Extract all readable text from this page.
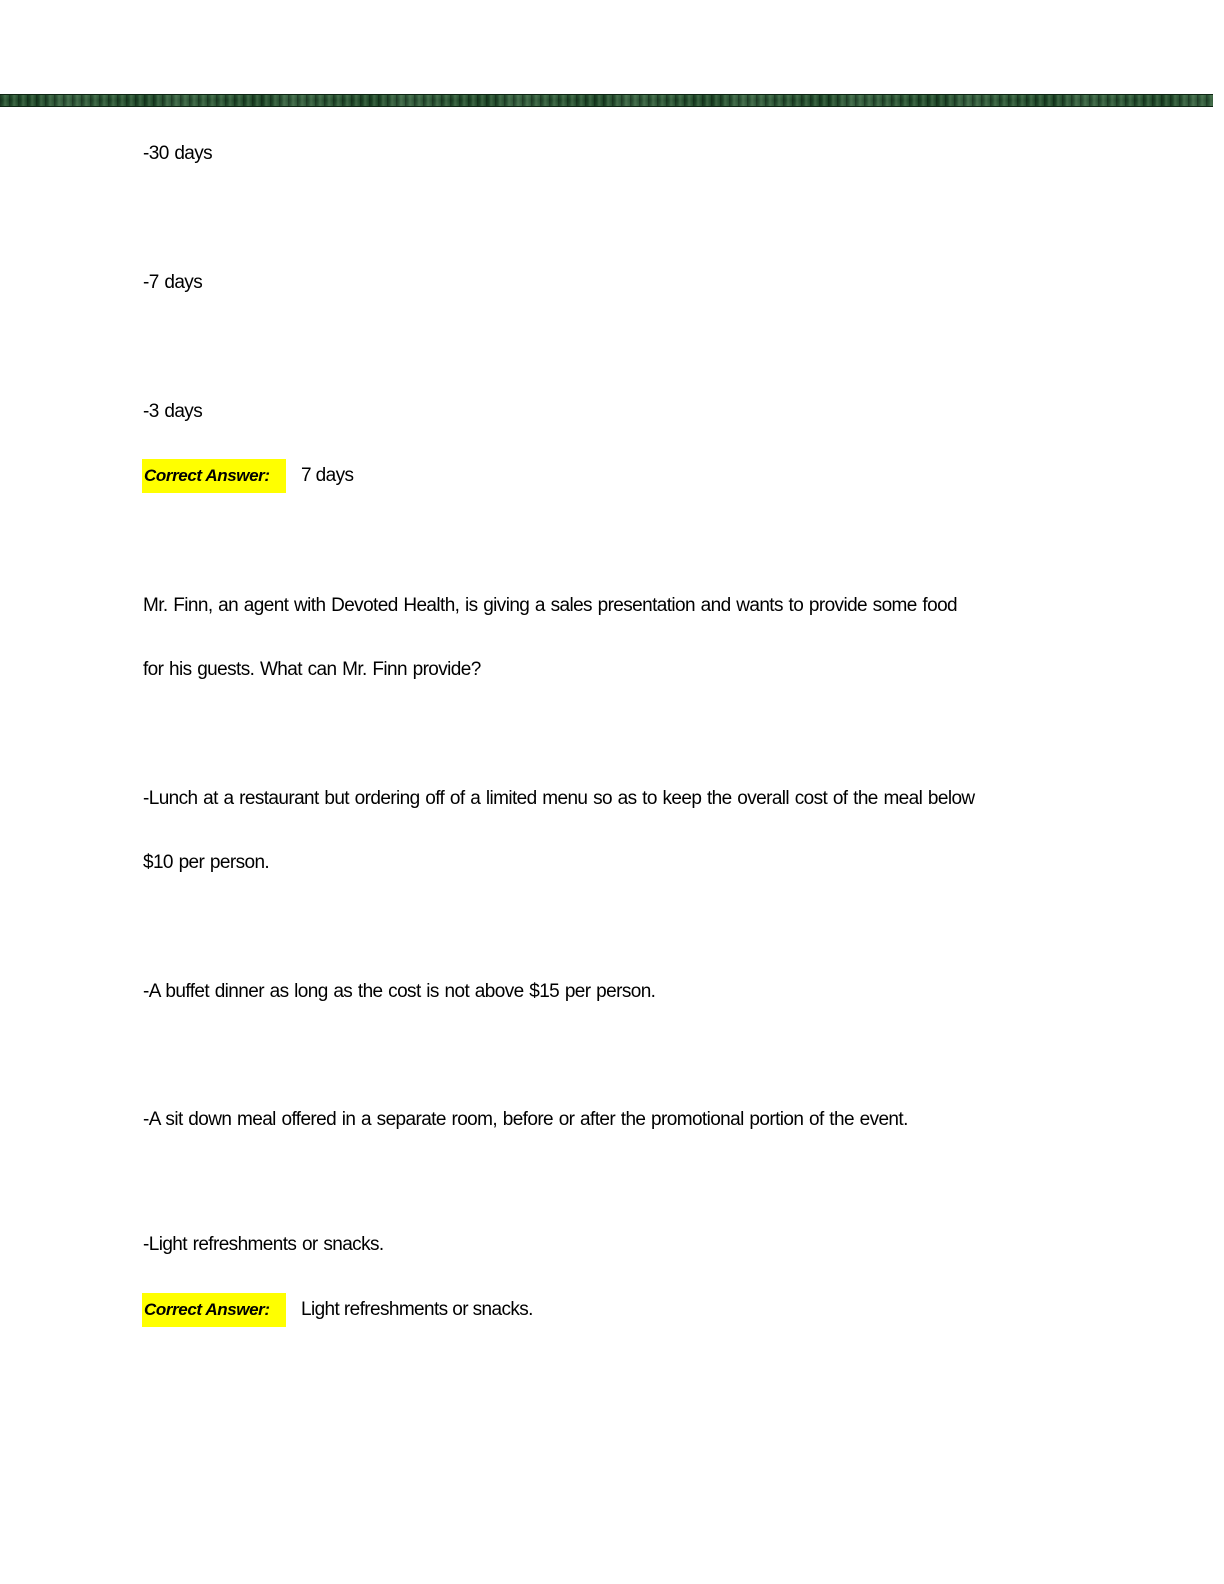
-30 days
-7 days
-3 days
Correct Answer:	7 days
Mr. Finn, an agent with Devoted Health, is giving a sales presentation and wants to provide some food
for his guests. What can Mr. Finn provide?
-Lunch at a restaurant but ordering off of a limited menu so as to keep the overall cost of the meal below
$10 per person.
-A buffet dinner as long as the cost is not above $15 per person.
-A sit down meal offered in a separate room, before or after the promotional portion of the event.
-Light refreshments or snacks.
Correct Answer:	Light refreshments or snacks.
